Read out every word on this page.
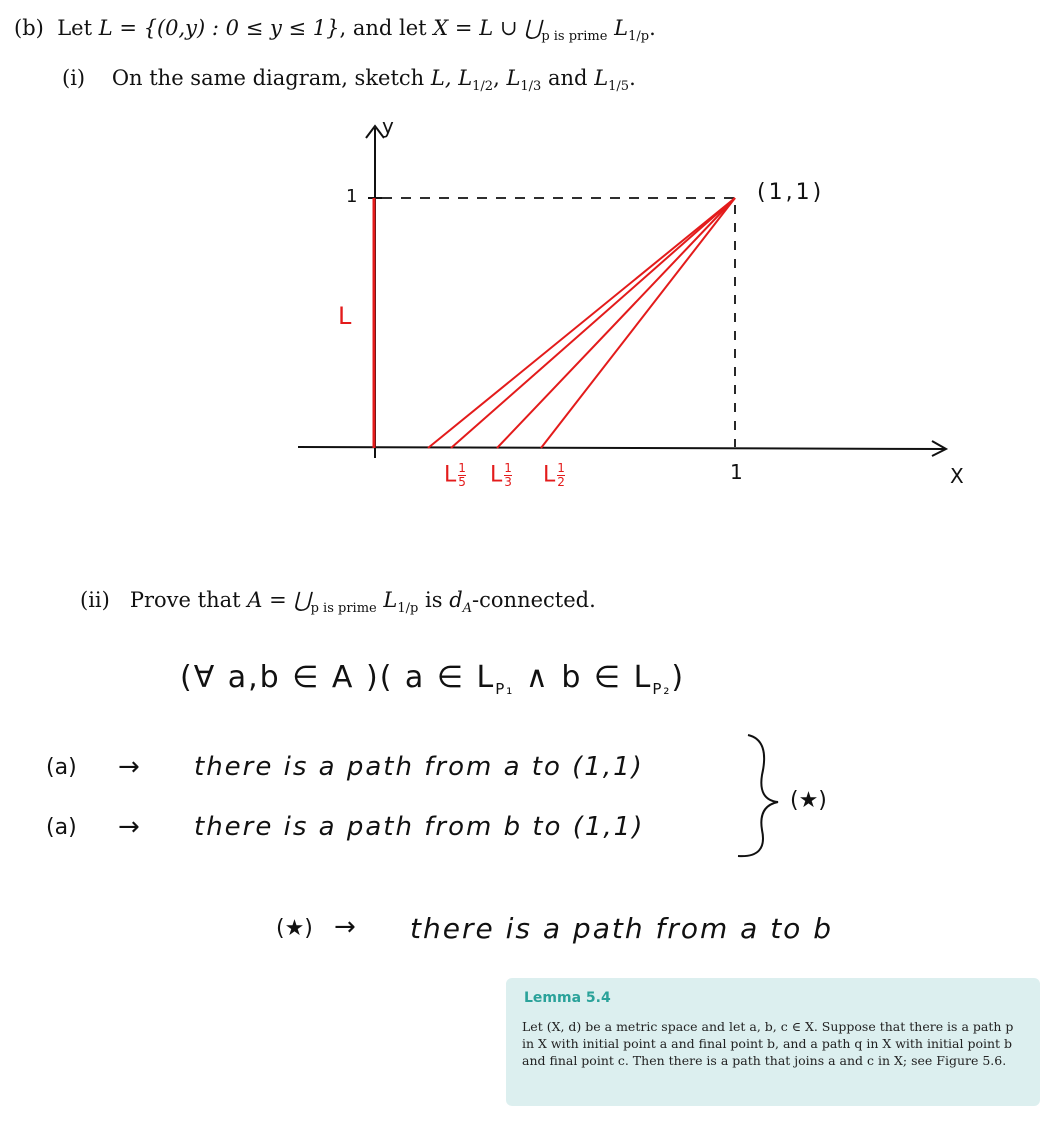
(b) Let L = {(0,y) : 0 ≤ y ≤ 1}, and let X = L ∪ $⋃_{p is prime}$ $L_{1/p}$.
(i) On the same diagram, sketch L, $L_{1/2}$, $L_{1/3}$ and $L_{1/5}$.
y
1	(1,1)
L
1	X
L $\frac{1}{5}$ L $\frac{1}{3}$ L $\frac{1}{2}$
(ii) Prove that $A = ⋃_{p is prime}$ $L_{1/p}$ is $d_A$-connected.
(∀ a,b ∈ A )( a ∈ $L_{P_1}$ ∧ b ∈ $L_{P_2}$)
(a) → there is a path from a to (1,1)
(a) → there is a path from b to (1,1)
(★)
(★) → there is a path from a to b
Lemma 5.4
Let (X, d) be a metric space and let a, b, c ∈ X. Suppose that there is a path p in X with initial point a and final point b, and a path q in X with initial point b and final point c. Then there is a path that joins a and c in X; see Figure 5.6.
